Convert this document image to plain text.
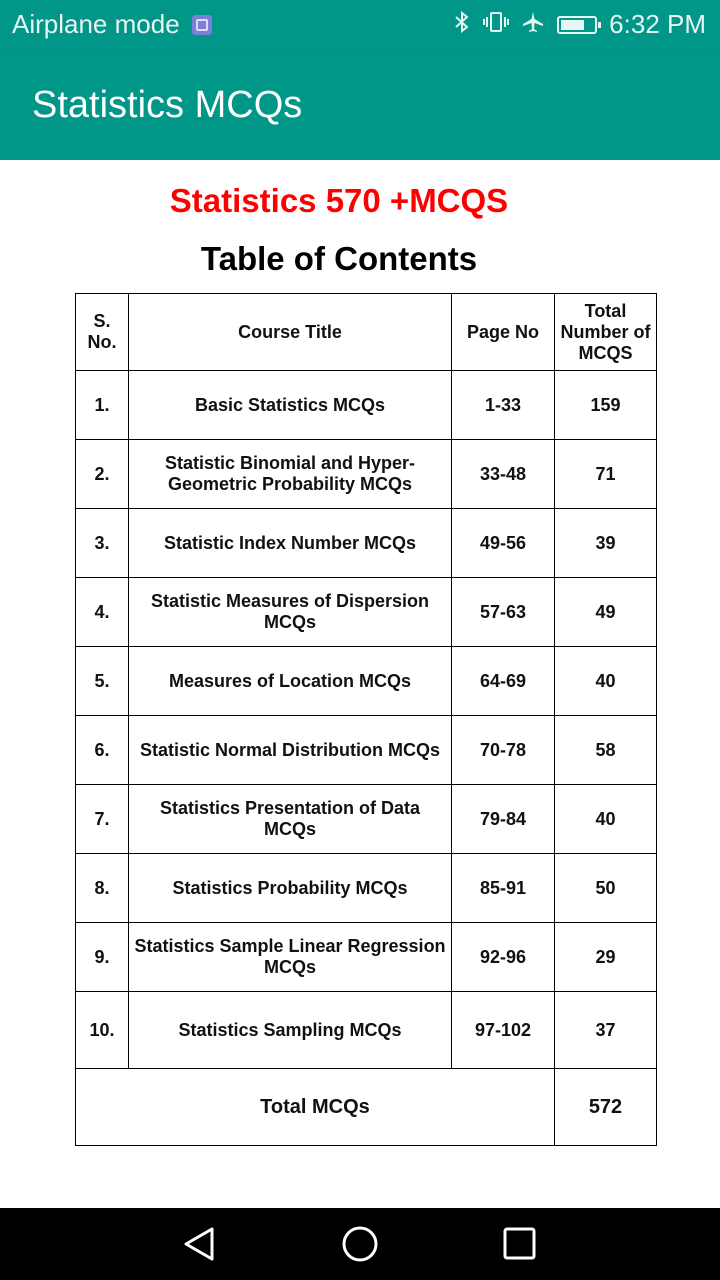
Airplane mode	6:32 PM
Statistics MCQs
Statistics 570 +MCQS
Table of Contents
S. No.	Course Title	Page No	Total Number of MCQS
1.	Basic Statistics MCQs	1-33	159
2.	Statistic Binomial and Hyper-Geometric Probability MCQs	33-48	71
3.	Statistic Index Number MCQs	49-56	39
4.	Statistic Measures of Dispersion MCQs	57-63	49
5.	Measures of Location MCQs	64-69	40
6.	Statistic Normal Distribution MCQs	70-78	58
7.	Statistics Presentation of Data MCQs	79-84	40
8.	Statistics Probability MCQs	85-91	50
9.	Statistics Sample Linear Regression MCQs	92-96	29
10.	Statistics Sampling MCQs	97-102	37
Total MCQs			572
